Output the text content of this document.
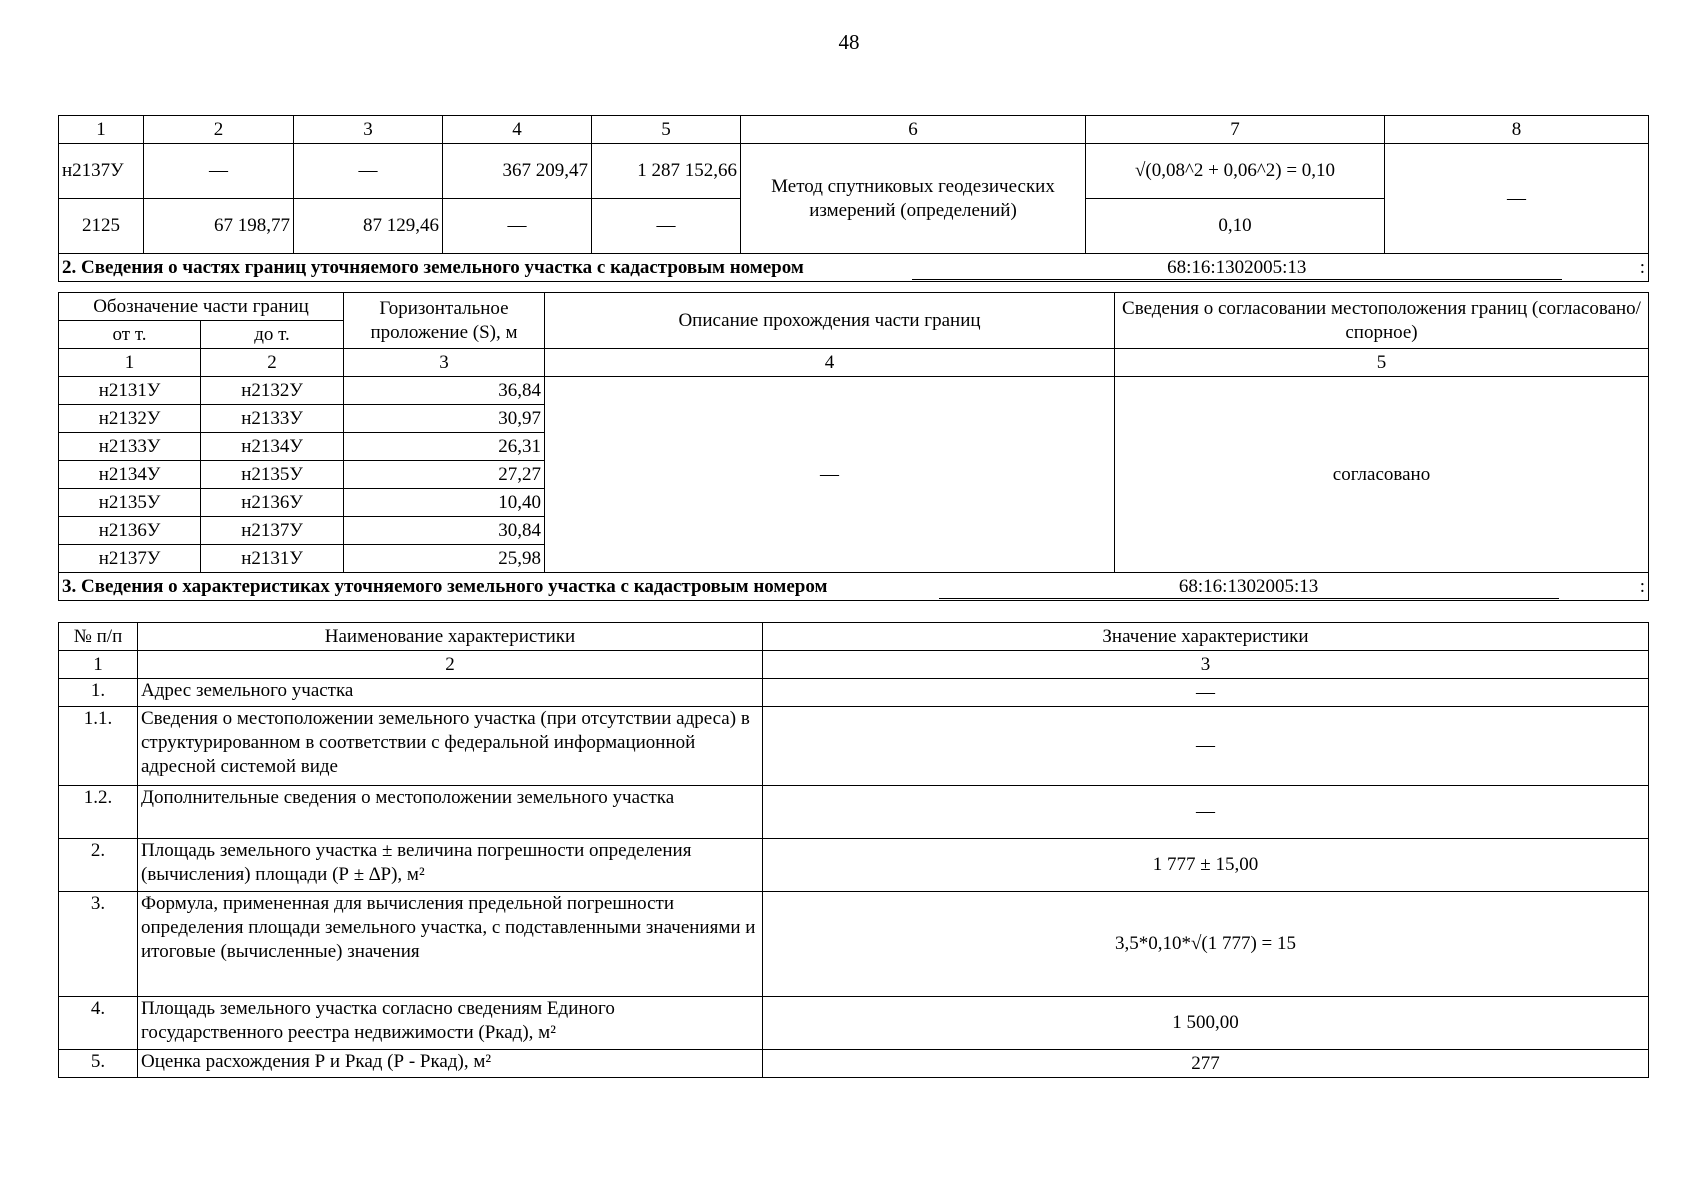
48
1	2	3	4	5	6	7	8
н2137У	—	—	367 209,47	1 287 152,66	Метод спутниковых геодезических измерений (определений)	√(0,08^2 + 0,06^2) = 0,10	—
2125	67 198,77	87 129,46	—	—		0,10	

2. Сведения о частях границ уточняемого земельного участка с кадастровым номером 68:16:1302005:13 :							
Обозначение части границ		Горизонтальное проложение (S), м	Описание прохождения части границ	Сведения о согласовании местоположения границ (согласовано/спорное)
от т.	до т.			
1	2	3	4	5
н2131У	н2132У	36,84	—	согласовано
н2132У	н2133У	30,97		
н2133У	н2134У	26,31		
н2134У	н2135У	27,27		
н2135У	н2136У	10,40		
н2136У	н2137У	30,84		
н2137У	н2131У	25,98		

3. Сведения о характеристиках уточняемого земельного участка с кадастровым номером 68:16:1302005:13 :				
№ п/п	Наименование характеристики	Значение характеристики
1	2	3
1.	Адрес земельного участка	—
1.1.	Сведения о местоположении земельного участка (при отсутствии адреса) в структурированном в соответствии с федеральной информационной адресной системой виде	—
1.2.	Дополнительные сведения о местоположении земельного участка	—
2.	Площадь земельного участка ± величина погрешности определения (вычисления) площади (Р ± ∆Р), м²	1 777 ± 15,00
3.	Формула, примененная для вычисления предельной погрешности определения площади земельного участка, с подставленными значениями и итоговые (вычисленные) значения	3,5*0,10*√(1 777) = 15
4.	Площадь земельного участка согласно сведениям Единого государственного реестра недвижимости (Ркад), м²	1 500,00
5.	Оценка расхождения Р и Ркад (Р - Ркад), м²	277
